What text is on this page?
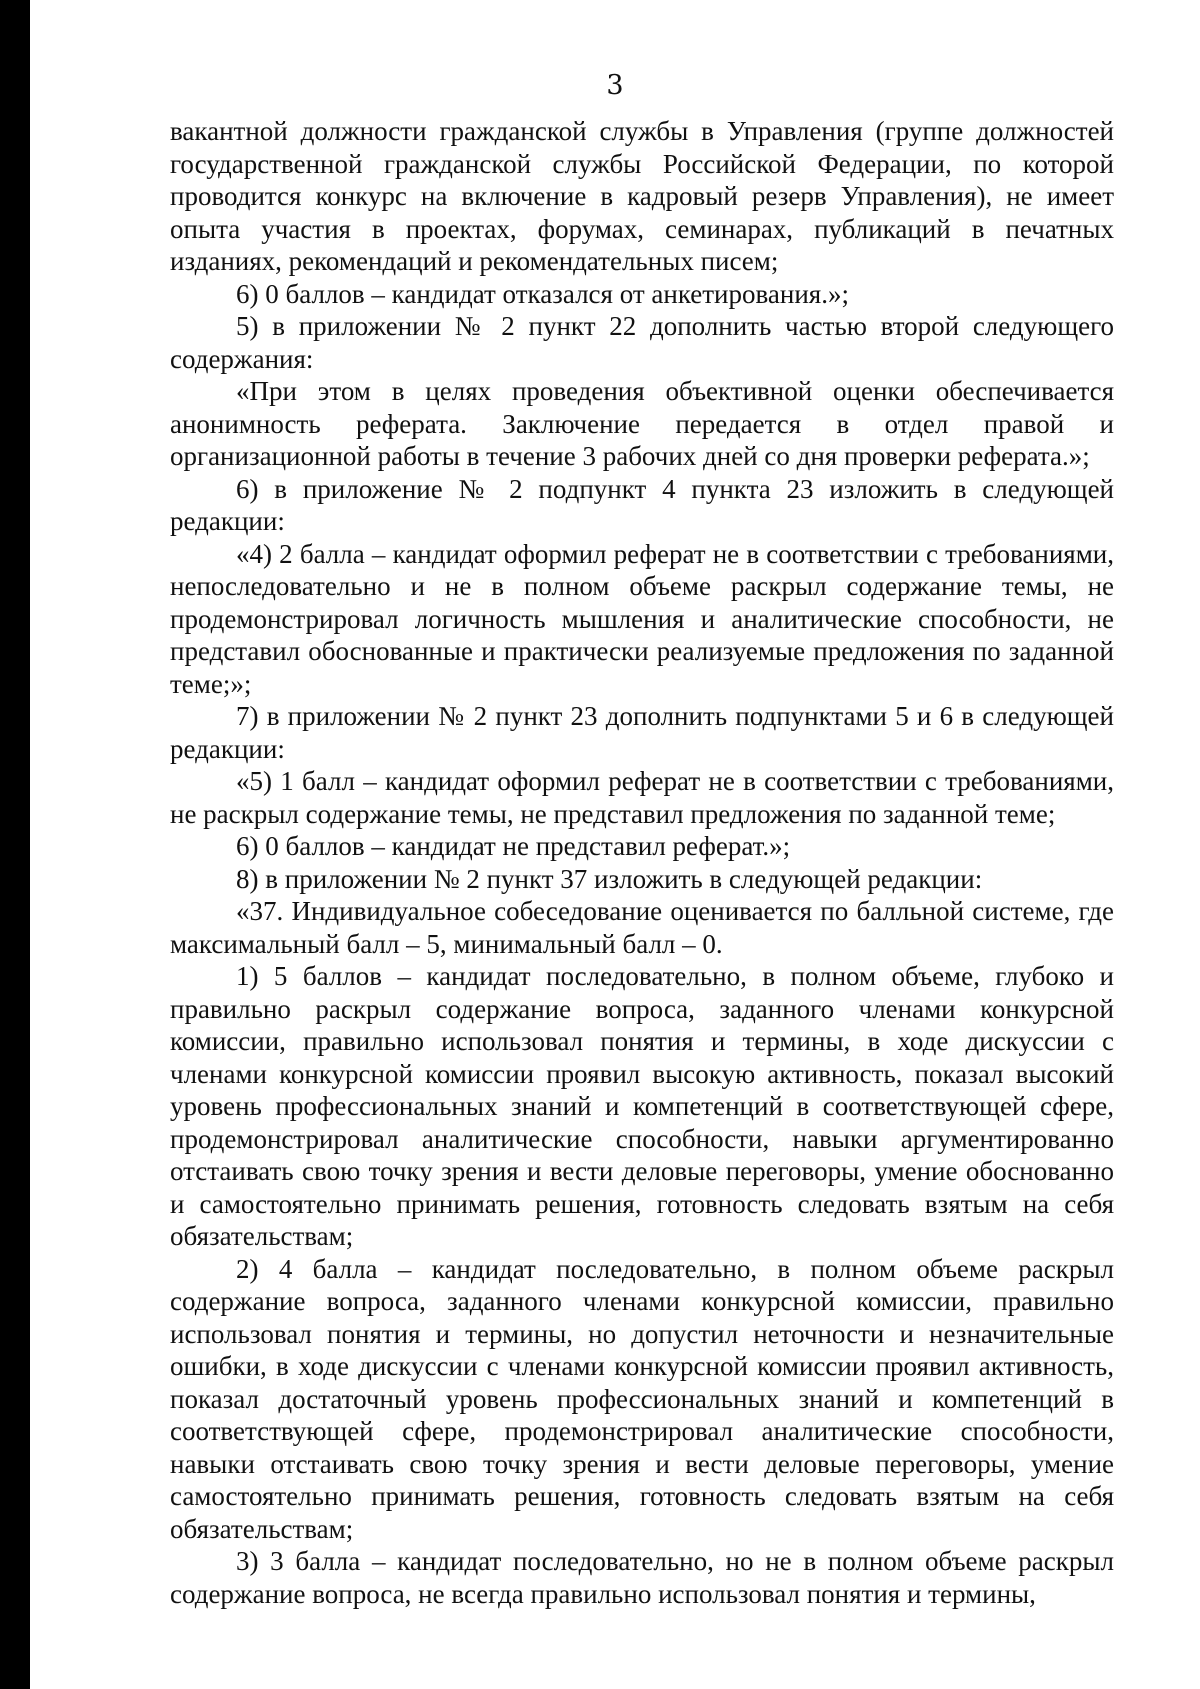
3

вакантной должности гражданской службы в Управления (группе должностей государственной гражданской службы Российской Федерации, по которой проводится конкурс на включение в кадровый резерв Управления), не имеет опыта участия в проектах, форумах, семинарах, публикаций в печатных изданиях, рекомендаций и рекомендательных писем;

6) 0 баллов – кандидат отказался от анкетирования.»;

5) в приложении № 2 пункт 22 дополнить частью второй следующего содержания:

«При этом в целях проведения объективной оценки обеспечивается анонимность реферата. Заключение передается в отдел правой и организационной работы в течение 3 рабочих дней со дня проверки реферата.»;

6) в приложение № 2 подпункт 4 пункта 23 изложить в следующей редакции:

«4) 2 балла – кандидат оформил реферат не в соответствии с требованиями, непоследовательно и не в полном объеме раскрыл содержание темы, не продемонстрировал логичность мышления и аналитические способности, не представил обоснованные и практически реализуемые предложения по заданной теме;»;

7) в приложении № 2 пункт 23 дополнить подпунктами 5 и 6 в следующей редакции:

«5) 1 балл – кандидат оформил реферат не в соответствии с требованиями, не раскрыл содержание темы, не представил предложения по заданной теме;

6) 0 баллов – кандидат не представил реферат.»;

8) в приложении № 2 пункт 37 изложить в следующей редакции:

«37. Индивидуальное собеседование оценивается по балльной системе, где максимальный балл – 5, минимальный балл – 0.

1) 5 баллов – кандидат последовательно, в полном объеме, глубоко и правильно раскрыл содержание вопроса, заданного членами конкурсной комиссии, правильно использовал понятия и термины, в ходе дискуссии с членами конкурсной комиссии проявил высокую активность, показал высокий уровень профессиональных знаний и компетенций в соответствующей сфере, продемонстрировал аналитические способности, навыки аргументированно отстаивать свою точку зрения и вести деловые переговоры, умение обоснованно и самостоятельно принимать решения, готовность следовать взятым на себя обязательствам;

2) 4 балла – кандидат последовательно, в полном объеме раскрыл содержание вопроса, заданного членами конкурсной комиссии, правильно использовал понятия и термины, но допустил неточности и незначительные ошибки, в ходе дискуссии с членами конкурсной комиссии проявил активность, показал достаточный уровень профессиональных знаний и компетенций в соответствующей сфере, продемонстрировал аналитические способности, навыки отстаивать свою точку зрения и вести деловые переговоры, умение самостоятельно принимать решения, готовность следовать взятым на себя обязательствам;

3) 3 балла – кандидат последовательно, но не в полном объеме раскрыл содержание вопроса, не всегда правильно использовал понятия и термины,
